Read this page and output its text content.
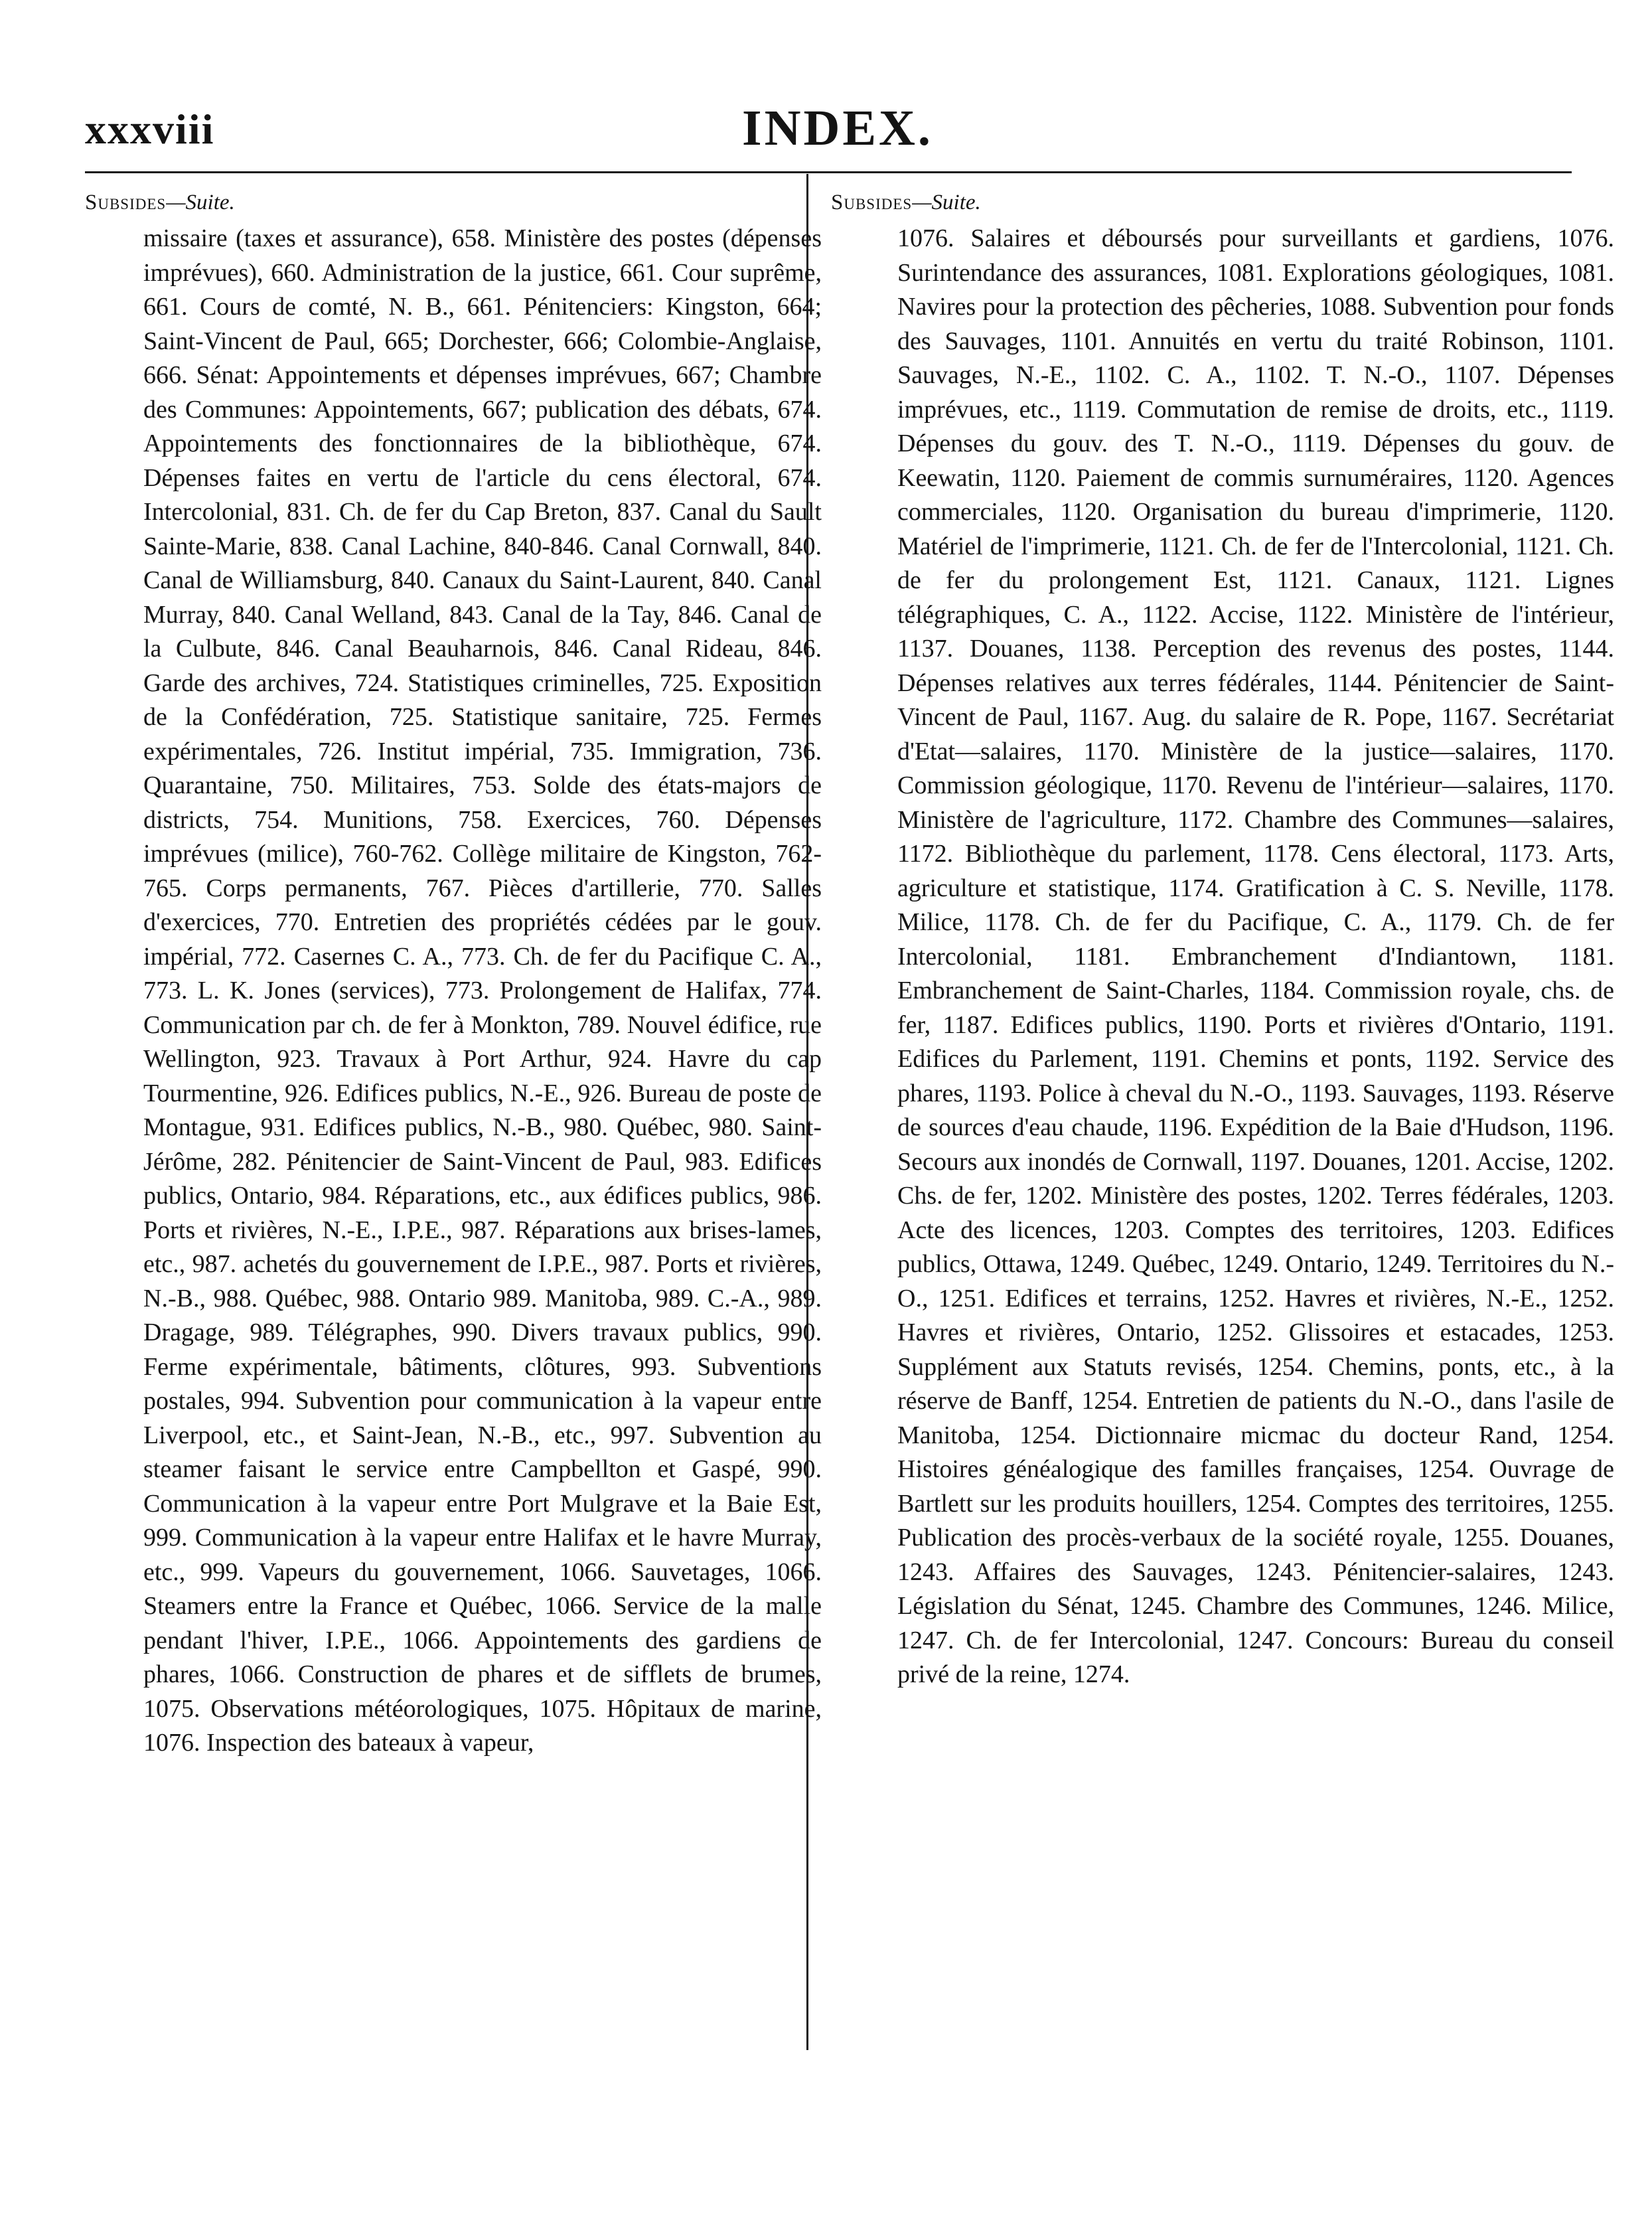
xxxviii	INDEX.
Subsides—Suite.

missaire (taxes et assurance), 658. Ministère des postes (dépenses imprévues), 660. Administration de la justice, 661. Cour suprême, 661. Cours de comté, N. B., 661. Pénitenciers: Kingston, 664; Saint-Vincent de Paul, 665; Dorchester, 666; Colombie-Anglaise, 666. Sénat: Appointements et dépenses imprévues, 667; Chambre des Communes: Appointements, 667; publication des débats, 674. Appointements des fonctionnaires de la bibliothèque, 674. Dépenses faites en vertu de l'article du cens électoral, 674. Intercolonial, 831. Ch. de fer du Cap Breton, 837. Canal du Sault Sainte-Marie, 838. Canal Lachine, 840-846. Canal Cornwall, 840. Canal de Williamsburg, 840. Canaux du Saint-Laurent, 840. Canal Murray, 840. Canal Welland, 843. Canal de la Tay, 846. Canal de la Culbute, 846. Canal Beauharnois, 846. Canal Rideau, 846. Garde des archives, 724. Statistiques criminelles, 725. Exposition de la Confédération, 725. Statistique sanitaire, 725. Fermes expérimentales, 726. Institut impérial, 735. Immigration, 736. Quarantaine, 750. Militaires, 753. Solde des états-majors de districts, 754. Munitions, 758. Exercices, 760. Dépenses imprévues (milice), 760-762. Collège militaire de Kingston, 762-765. Corps permanents, 767. Pièces d'artillerie, 770. Salles d'exercices, 770. Entretien des propriétés cédées par le gouv. impérial, 772. Casernes C. A., 773. Ch. de fer du Pacifique C. A., 773. L. K. Jones (services), 773. Prolongement de Halifax, 774. Communication par ch. de fer à Monkton, 789. Nouvel édifice, rue Wellington, 923. Travaux à Port Arthur, 924. Havre du cap Tourmentine, 926. Edifices publics, N.-E., 926. Bureau de poste de Montague, 931. Edifices publics, N.-B., 980. Québec, 980. Saint-Jérôme, 282. Pénitencier de Saint-Vincent de Paul, 983. Edifices publics, Ontario, 984. Réparations, etc., aux édifices publics, 986. Ports et rivières, N.-E., I.P.E., 987. Réparations aux brises-lames, etc., 987. achetés du gouvernement de I.P.E., 987. Ports et rivières, N.-B., 988. Québec, 988. Ontario 989. Manitoba, 989. C.-A., 989. Dragage, 989. Télégraphes, 990. Divers travaux publics, 990. Ferme expérimentale, bâtiments, clôtures, 993. Subventions postales, 994. Subvention pour communication à la vapeur entre Liverpool, etc., et Saint-Jean, N.-B., etc., 997. Subvention au steamer faisant le service entre Campbellton et Gaspé, 990. Communication à la vapeur entre Port Mulgrave et la Baie Est, 999. Communication à la vapeur entre Halifax et le havre Murray, etc., 999. Vapeurs du gouvernement, 1066. Sauvetages, 1066. Steamers entre la France et Québec, 1066. Service de la malle pendant l'hiver, I.P.E., 1066. Appointements des gardiens de phares, 1066. Construction de phares et de sifflets de brumes, 1075. Observations météorologiques, 1075. Hôpitaux de marine, 1076. Inspection des bateaux à vapeur,

Subsides—Suite.

1076. Salaires et déboursés pour surveillants et gardiens, 1076. Surintendance des assurances, 1081. Explorations géologiques, 1081. Navires pour la protection des pêcheries, 1088. Subvention pour fonds des Sauvages, 1101. Annuités en vertu du traité Robinson, 1101. Sauvages, N.-E., 1102. C. A., 1102. T. N.-O., 1107. Dépenses imprévues, etc., 1119. Commutation de remise de droits, etc., 1119. Dépenses du gouv. des T. N.-O., 1119. Dépenses du gouv. de Keewatin, 1120. Paiement de commis surnuméraires, 1120. Agences commerciales, 1120. Organisation du bureau d'imprimerie, 1120. Matériel de l'imprimerie, 1121. Ch. de fer de l'Intercolonial, 1121. Ch. de fer du prolongement Est, 1121. Canaux, 1121. Lignes télégraphiques, C. A., 1122. Accise, 1122. Ministère de l'intérieur, 1137. Douanes, 1138. Perception des revenus des postes, 1144. Dépenses relatives aux terres fédérales, 1144. Pénitencier de Saint-Vincent de Paul, 1167. Aug. du salaire de R. Pope, 1167. Secrétariat d'Etat—salaires, 1170. Ministère de la justice—salaires, 1170. Commission géologique, 1170. Revenu de l'intérieur—salaires, 1170. Ministère de l'agriculture, 1172. Chambre des Communes—salaires, 1172. Bibliothèque du parlement, 1178. Cens électoral, 1173. Arts, agriculture et statistique, 1174. Gratification à C. S. Neville, 1178. Milice, 1178. Ch. de fer du Pacifique, C. A., 1179. Ch. de fer Intercolonial, 1181. Embranchement d'Indiantown, 1181. Embranchement de Saint-Charles, 1184. Commission royale, chs. de fer, 1187. Edifices publics, 1190. Ports et rivières d'Ontario, 1191. Edifices du Parlement, 1191. Chemins et ponts, 1192. Service des phares, 1193. Police à cheval du N.-O., 1193. Sauvages, 1193. Réserve de sources d'eau chaude, 1196. Expédition de la Baie d'Hudson, 1196. Secours aux inondés de Cornwall, 1197. Douanes, 1201. Accise, 1202. Chs. de fer, 1202. Ministère des postes, 1202. Terres fédérales, 1203. Acte des licences, 1203. Comptes des territoires, 1203. Edifices publics, Ottawa, 1249. Québec, 1249. Ontario, 1249. Territoires du N.-O., 1251. Edifices et terrains, 1252. Havres et rivières, N.-E., 1252. Havres et rivières, Ontario, 1252. Glissoires et estacades, 1253. Supplément aux Statuts revisés, 1254. Chemins, ponts, etc., à la réserve de Banff, 1254. Entretien de patients du N.-O., dans l'asile de Manitoba, 1254. Dictionnaire micmac du docteur Rand, 1254. Histoires généalogique des familles françaises, 1254. Ouvrage de Bartlett sur les produits houillers, 1254. Comptes des territoires, 1255. Publication des procès-verbaux de la société royale, 1255. Douanes, 1243. Affaires des Sauvages, 1243. Pénitencier-salaires, 1243. Législation du Sénat, 1245. Chambre des Communes, 1246. Milice, 1247. Ch. de fer Intercolonial, 1247. Concours: Bureau du conseil privé de la reine, 1274.
